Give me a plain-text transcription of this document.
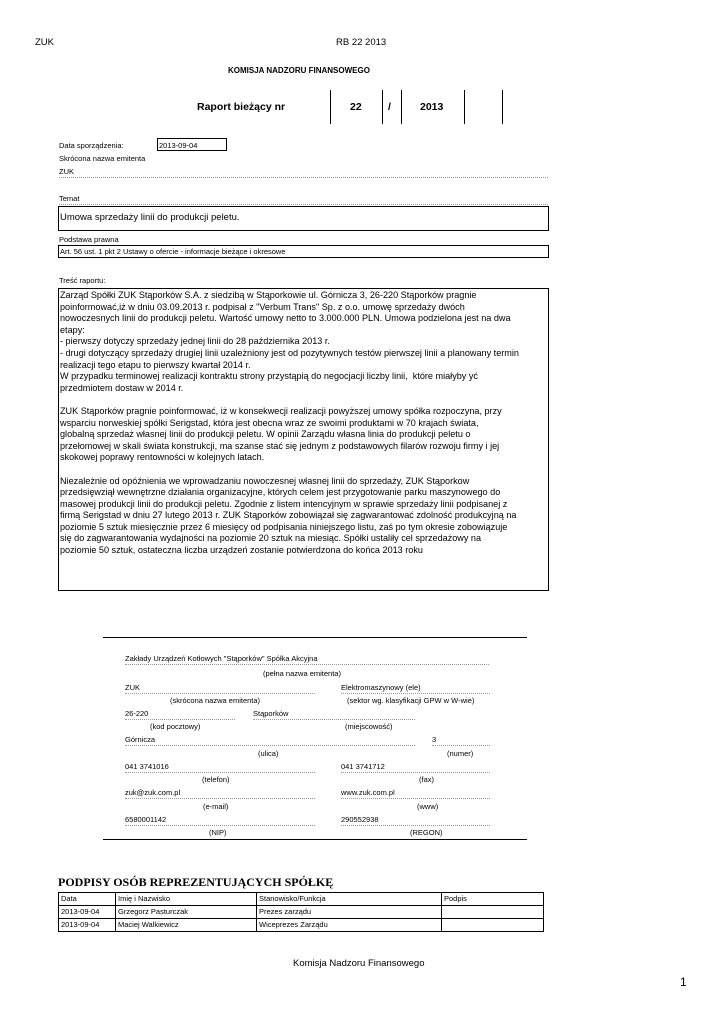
ZUK	RB 22 2013
KOMISJA NADZORU FINANSOWEGO
Raport bieżący nr	22	/	2013
Data sporządzenia:	2013-09-04
Skrócona nazwa emitenta
ZUK
Temat
Umowa sprzedaży linii do produkcji peletu.
Podstawa prawna
Art. 56 ust. 1 pkt 2 Ustawy o ofercie - informacje bieżące i okresowe
Treść raportu:
Zarząd Spółki ZUK Stąporków S.A. z siedzibą w Stąporkowie ul. Górnicza 3, 26-220 Stąporków pragnie
poinformować,iż w dniu 03.09.2013 r. podpisał z "Verbum Trans" Sp. z o.o. umowę sprzedaży dwóch
nowoczesnych linii do produkcji peletu. Wartość umowy netto to 3.000.000 PLN. Umowa podzielona jest na dwa
etapy:
- pierwszy dotyczy sprzedaży jednej linii do 28 października 2013 r.
- drugi dotyczący sprzedaży drugiej linii uzależniony jest od pozytywnych testów pierwszej linii a planowany termin
realizacji tego etapu to pierwszy kwartał 2014 r.
W przypadku terminowej realizacji kontraktu strony przystąpią do negocjacji liczby linii,  które miałyby yć
przedmiotem dostaw w 2014 r.

ZUK Stąporków pragnie poinformować, iż w konsekwecji realizacji powyższej umowy spółka rozpoczyna, przy
wsparciu norweskiej spółki Serigstad, która jest obecna wraz ze swoimi produktami w 70 krajach świata,
globalną sprzedaż własnej linii do produkcji peletu. W opinii Zarządu własna linia do produkcji peletu o
przełomowej w skali świata konstrukcji, ma szanse stać się jednym z podstawowych filarów rozwoju firmy i jej
skokowej poprawy rentowności w kolejnych latach.

Niezależnie od opóźnienia we wprowadzaniu nowoczesnej własnej linii do sprzedaży, ZUK Stąporkow
przedsięwziął wewnętrzne działania organizacyjne, których celem jest przygotowanie parku maszynowego do
masowej produkcji linii do produkcji peletu. Zgodnie z listem intencyjnym w sprawie sprzedaży linii podpisanej z
firmą Serigstad w dniu 27 lutego 2013 r. ZUK Stąporków zobowiązał się zagwarantować zdolność produkcyjną na
poziomie 5 sztuk miesięcznie przez 6 miesięcy od podpisania niniejszego listu, zaś po tym okresie zobowiązuje
się do zagwarantowania wydajności na poziomie 20 sztuk na miesiąc. Spółki ustaliły cel sprzedażowy na
poziomie 50 sztuk, ostateczna liczba urządzeń zostanie potwierdzona do końca 2013 roku
Zakłady Urządzeń Kotłowych "Stąporków" Spółka Akcyjna
(pełna nazwa emitenta)
ZUK	Elektromaszynowy (ele)
(skrócona nazwa emitenta)	(sektor wg. klasyfikacji GPW w W-wie)
26-220	Stąporków
(kod pocztowy)	(miejscowość)
Górnicza	3
(ulica)	(numer)
041 3741016	041 3741712
(telefon)	(fax)
zuk@zuk.com.pl	www.zuk.com.pl
(e-mail)	(www)
6580001142	290552938
(NIP)	(REGON)
PODPISY OSÓB REPREZENTUJĄCYCH SPÓŁKĘ
Data	Imię i Nazwisko	Stanowisko/Funkcja	Podpis
2013-09-04	Grzegorz Pasturczak	Prezes zarządu	
2013-09-04	Maciej Walkiewicz	Wiceprezes Zarządu	
Komisja Nadzoru Finansowego
1
